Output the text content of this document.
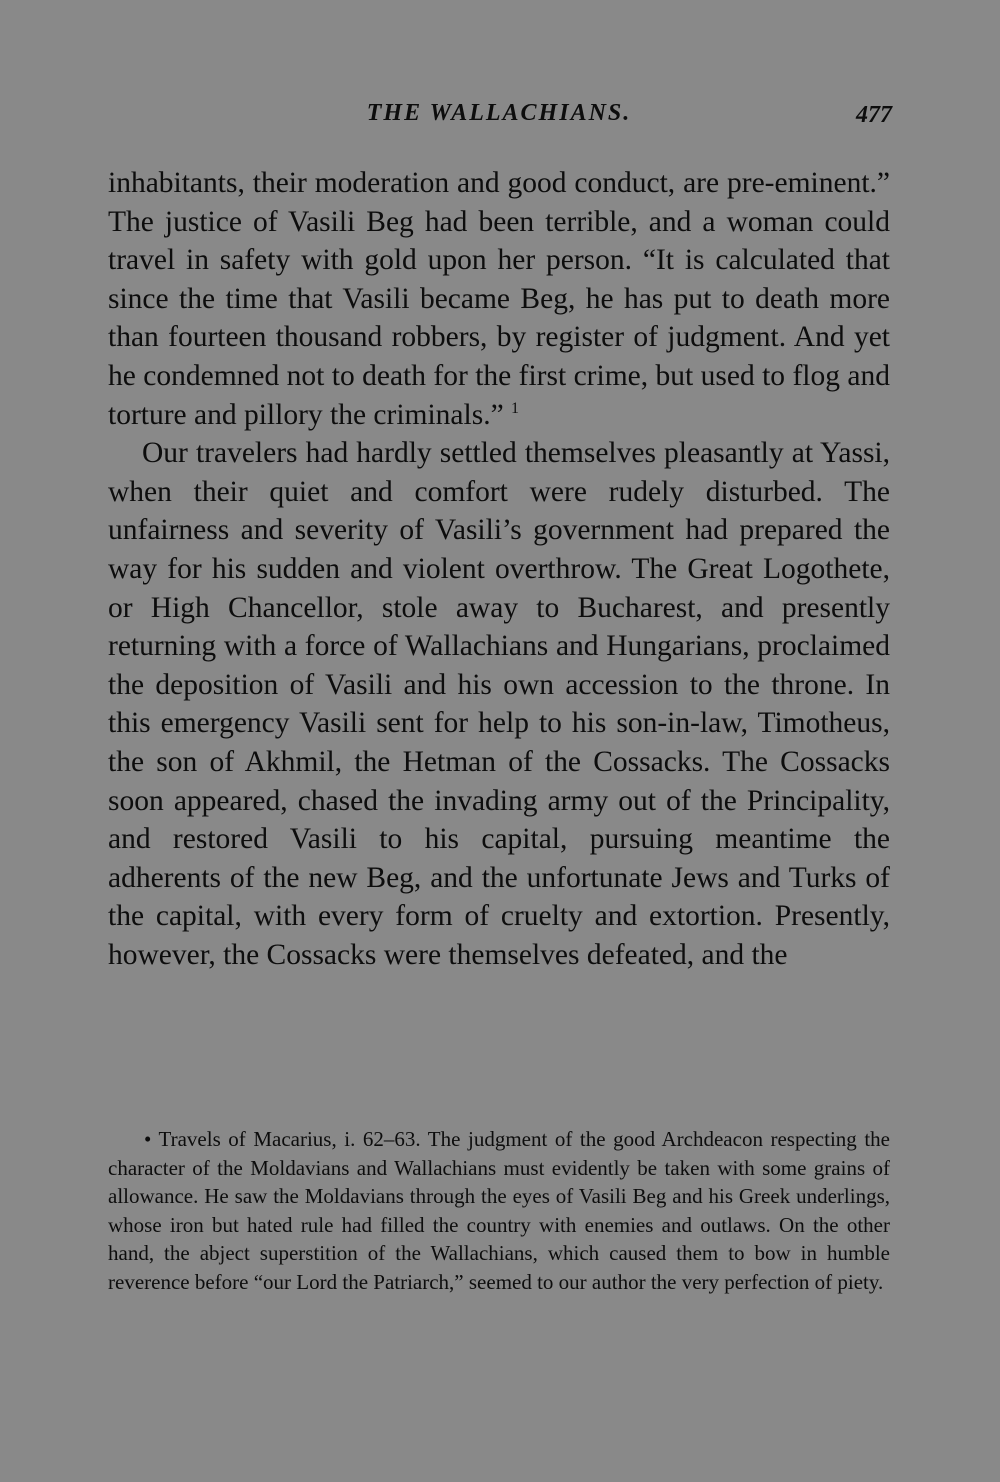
THE WALLACHIANS.	477

inhabitants, their moderation and good conduct, are pre-eminent.” The justice of Vasili Beg had been terrible, and a woman could travel in safety with gold upon her person. “It is calculated that since the time that Vasili became Beg, he has put to death more than fourteen thousand robbers, by register of judgment. And yet he condemned not to death for the first crime, but used to flog and torture and pillory the criminals.” $^1$

Our travelers had hardly settled themselves pleasantly at Yassi, when their quiet and comfort were rudely disturbed. The unfairness and severity of Vasili’s government had prepared the way for his sudden and violent overthrow. The Great Logothete, or High Chancellor, stole away to Bucharest, and presently returning with a force of Wallachians and Hungarians, proclaimed the deposition of Vasili and his own accession to the throne. In this emergency Vasili sent for help to his son-in-law, Timotheus, the son of Akhmil, the Hetman of the Cossacks. The Cossacks soon appeared, chased the invading army out of the Principality, and restored Vasili to his capital, pursuing meantime the adherents of the new Beg, and the unfortunate Jews and Turks of the capital, with every form of cruelty and extortion. Presently, however, the Cossacks were themselves defeated, and the

• Travels of Macarius, i. 62–63. The judgment of the good Archdeacon respecting the character of the Moldavians and Wallachians must evidently be taken with some grains of allowance. He saw the Moldavians through the eyes of Vasili Beg and his Greek underlings, whose iron but hated rule had filled the country with enemies and outlaws. On the other hand, the abject superstition of the Wallachians, which caused them to bow in humble reverence before “our Lord the Patriarch,” seemed to our author the very perfection of piety.
